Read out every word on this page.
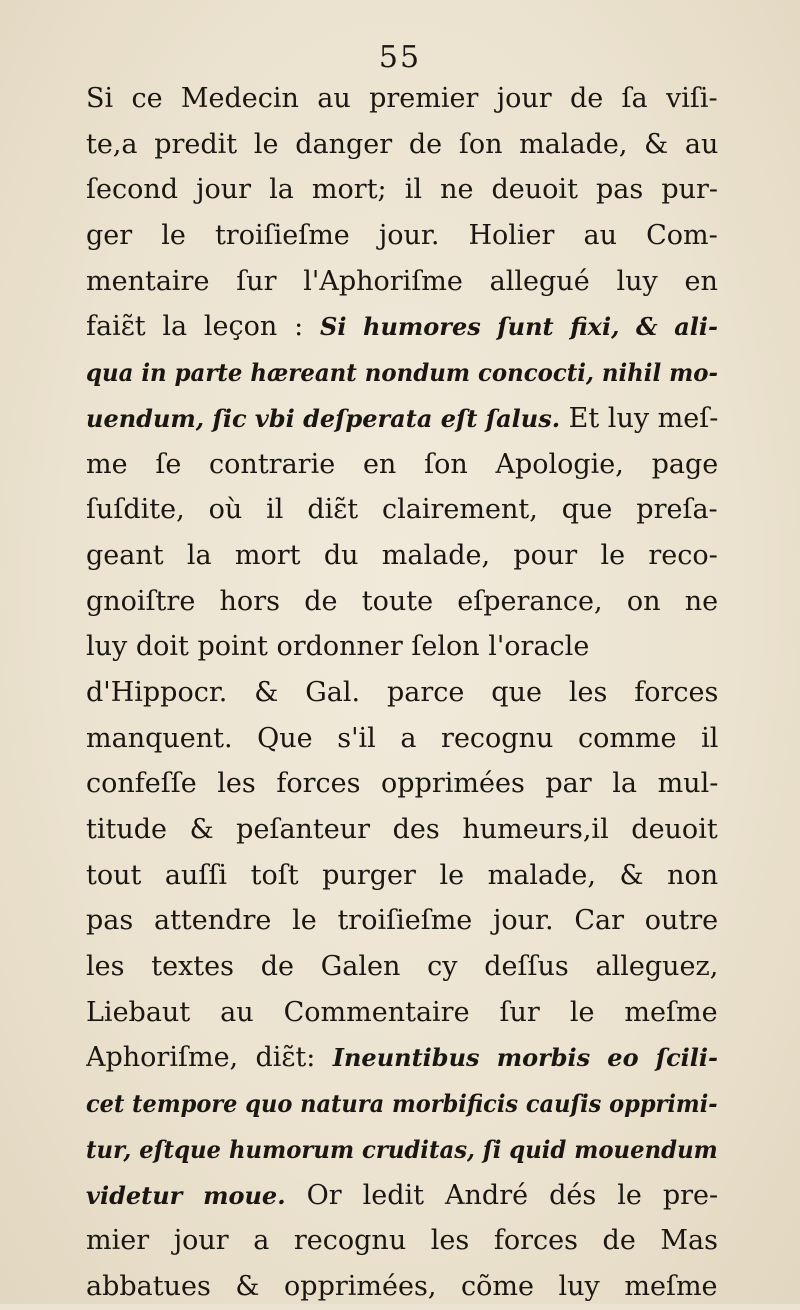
55
Si ce Medecin au premier jour de ſa viſi-
te,a predit le danger de ſon malade, & au
ſecond jour la mort; il ne deuoit pas pur-
ger le troiſieſme jour. Holier au Com-
mentaire ſur l'Aphoriſme allegué luy en
faiɛ̃t la leçon : Si humores ſunt fixi, & ali-
qua in parte hæreant nondum concocti, nihil mo-
uendum, ſic vbi deſperata eſt ſalus. Et luy meſ-
me ſe contrarie en ſon Apologie, page
ſuſdite, où il diɛ̃t clairement, que preſa-
geant la mort du malade, pour le reco-
gnoiſtre hors de toute eſperance, on ne
luy doit point ordonner ſelon l'oracle
d'Hippocr. & Gal. parce que les forces
manquent. Que s'il a recognu comme il
confeſſe les forces opprimées par la mul-
titude & peſanteur des humeurs,il deuoit
tout auſſi toſt purger le malade, & non
pas attendre le troiſieſme jour. Car outre
les textes de Galen cy deſſus alleguez,
Liebaut au Commentaire ſur le meſme
Aphoriſme, diɛ̃t: Ineuntibus morbis eo ſcili-
cet tempore quo natura morbificis cauſis opprimi-
tur, eſtque humorum cruditas, ſi quid mouendum
videtur moue. Or ledit André dés le pre-
mier jour a recognu les forces de Mas
abbatues & opprimées, cõme luy meſme
